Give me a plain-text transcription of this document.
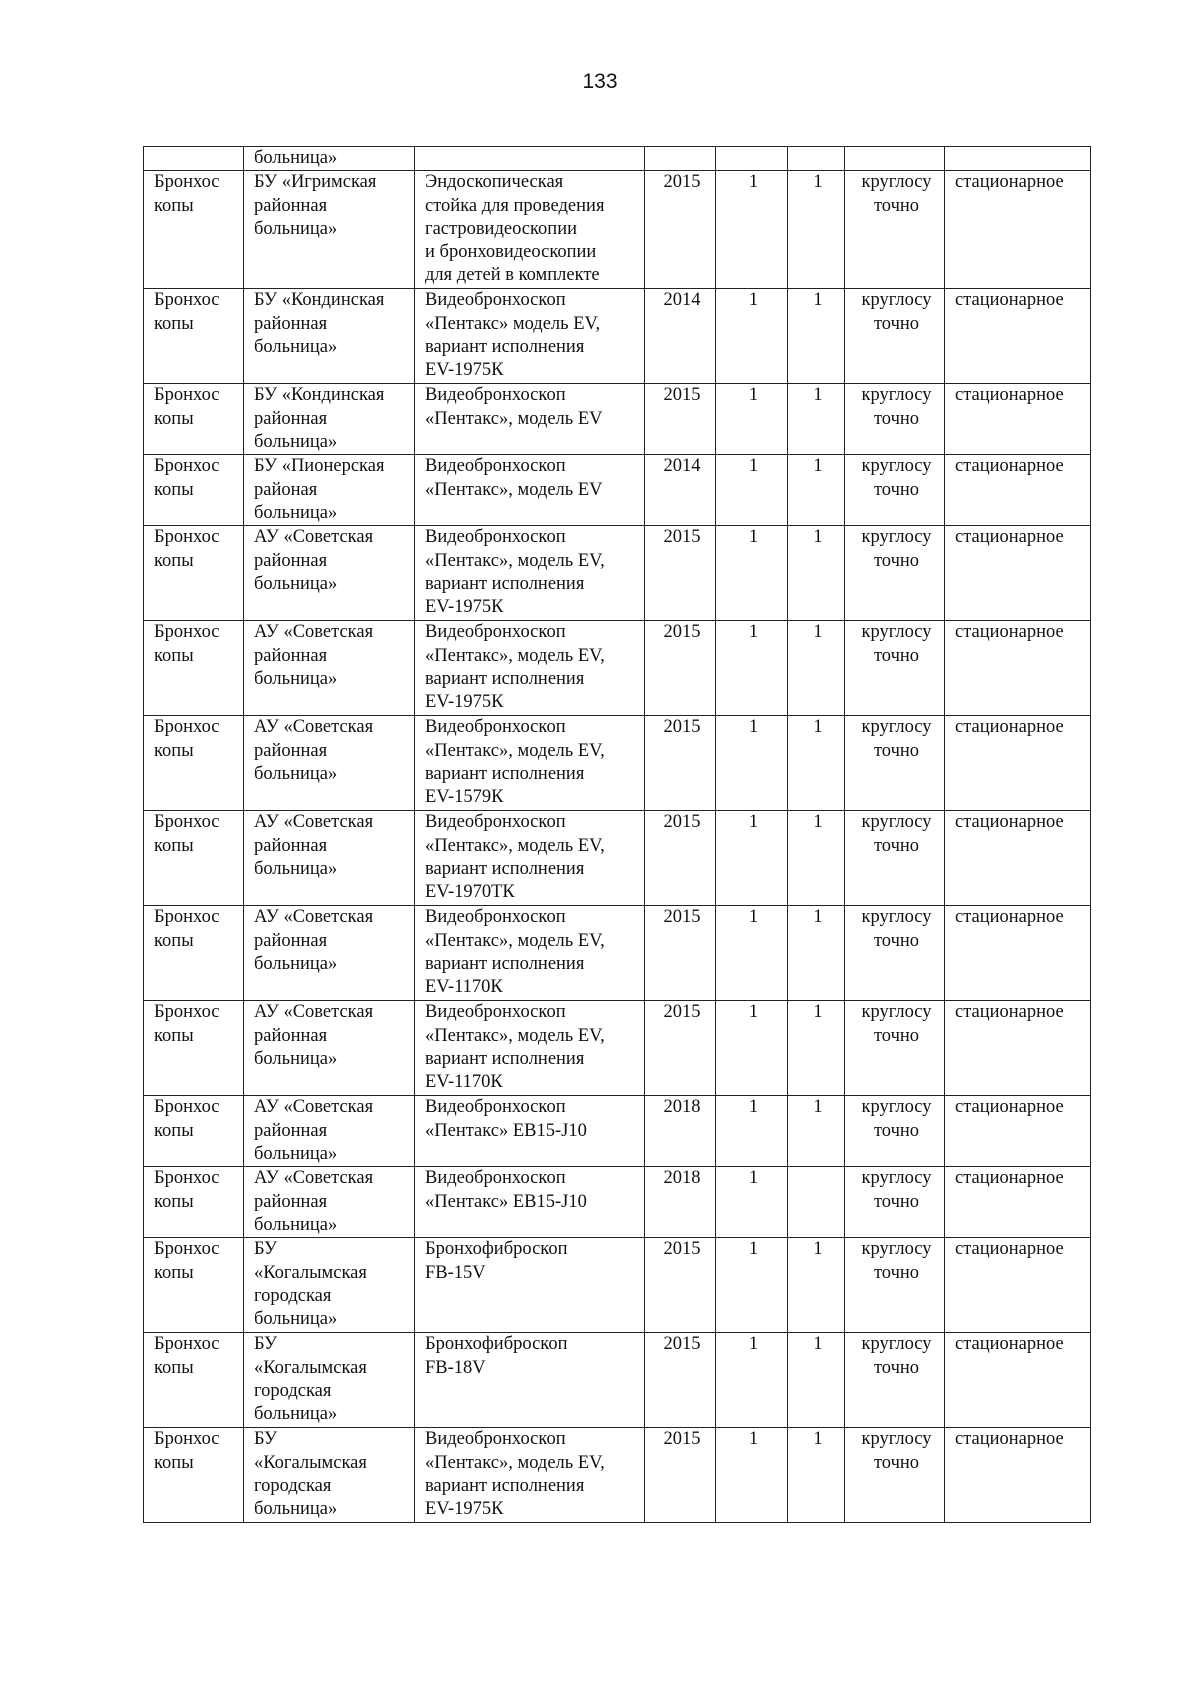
133
	больница»						
Бронхос
копы	БУ «Игримская
районная
больница»	Эндоскопическая
стойка для проведения
гастровидеоскопии
и бронховидеоскопии
для детей в комплекте	2015	1	1	круглосу
точно	стационарное
Бронхос
копы	БУ «Кондинская
районная
больница»	Видеобронхоскоп
«Пентакс» модель EV,
вариант исполнения
EV-1975К	2014	1	1	круглосу
точно	стационарное
Бронхос
копы	БУ «Кондинская
районная
больница»	Видеобронхоскоп
«Пентакс», модель EV	2015	1	1	круглосу
точно	стационарное
Бронхос
копы	БУ «Пионерская
районая
больница»	Видеобронхоскоп
«Пентакс», модель EV	2014	1	1	круглосу
точно	стационарное
Бронхос
копы	АУ «Советская
районная
больница»	Видеобронхоскоп
«Пентакс», модель EV,
вариант исполнения
EV-1975К	2015	1	1	круглосу
точно	стационарное
Бронхос
копы	АУ «Советская
районная
больница»	Видеобронхоскоп
«Пентакс», модель EV,
вариант исполнения
EV-1975К	2015	1	1	круглосу
точно	стационарное
Бронхос
копы	АУ «Советская
районная
больница»	Видеобронхоскоп
«Пентакс», модель EV,
вариант исполнения
EV-1579К	2015	1	1	круглосу
точно	стационарное
Бронхос
копы	АУ «Советская
районная
больница»	Видеобронхоскоп
«Пентакс», модель EV,
вариант исполнения
EV-1970ТК	2015	1	1	круглосу
точно	стационарное
Бронхос
копы	АУ «Советская
районная
больница»	Видеобронхоскоп
«Пентакс», модель EV,
вариант исполнения
EV-1170К	2015	1	1	круглосу
точно	стационарное
Бронхос
копы	АУ «Советская
районная
больница»	Видеобронхоскоп
«Пентакс», модель EV,
вариант исполнения
EV-1170К	2015	1	1	круглосу
точно	стационарное
Бронхос
копы	АУ «Советская
районная
больница»	Видеобронхоскоп
«Пентакс» EB15-J10	2018	1	1	круглосу
точно	стационарное
Бронхос
копы	АУ «Советская
районная
больница»	Видеобронхоскоп
«Пентакс» EB15-J10	2018	1		круглосу
точно	стационарное
Бронхос
копы	БУ
«Когалымская
городская
больница»	Бронхофиброскоп
FB-15V	2015	1	1	круглосу
точно	стационарное
Бронхос
копы	БУ
«Когалымская
городская
больница»	Бронхофиброскоп
FB-18V	2015	1	1	круглосу
точно	стационарное
Бронхос
копы	БУ
«Когалымская
городская
больница»	Видеобронхоскоп
«Пентакс», модель EV,
вариант исполнения
EV-1975К	2015	1	1	круглосу
точно	стационарное
